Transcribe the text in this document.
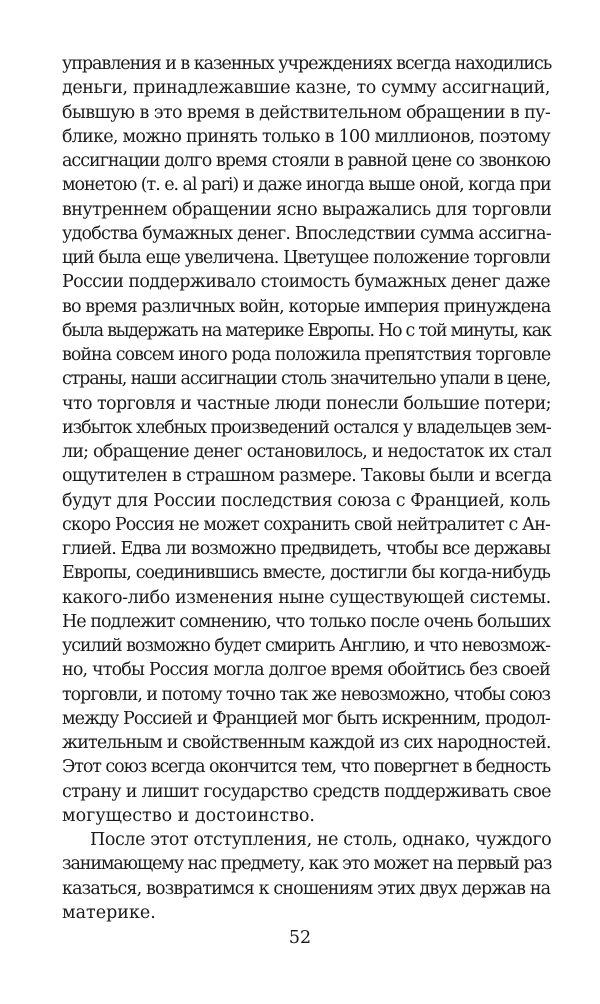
управления и в казенных учреждениях всегда находились
деньги, принадлежавшие казне, то сумму ассигнаций,
бывшую в это время в действительном обращении в пу-
блике, можно принять только в 100 миллионов, поэтому
ассигнации долго время стояли в равной цене со звонкою
монетою (т. е. al pari) и даже иногда выше оной, когда при
внутреннем обращении ясно выражались для торговли
удобства бумажных денег. Впоследствии сумма ассигна-
ций была еще увеличена. Цветущее положение торговли
России поддерживало стоимость бумажных денег даже
во время различных войн, которые империя принуждена
была выдержать на материке Европы. Но с той минуты, как
война совсем иного рода положила препятствия торговле
страны, наши ассигнации столь значительно упали в цене,
что торговля и частные люди понесли большие потери;
избыток хлебных произведений остался у владельцев зем-
ли; обращение денег остановилось, и недостаток их стал
ощутителен в страшном размере. Таковы были и всегда
будут для России последствия союза с Францией, коль
скоро Россия не может сохранить свой нейтралитет с Ан-
глией. Едва ли возможно предвидеть, чтобы все державы
Европы, соединившись вместе, достигли бы когда-нибудь
какого-либо изменения ныне существующей системы.
Не подлежит сомнению, что только после очень больших
усилий возможно будет смирить Англию, и что невозмож-
но, чтобы Россия могла долгое время обойтись без своей
торговли, и потому точно так же невозможно, чтобы союз
между Россией и Францией мог быть искренним, продол-
жительным и свойственным каждой из сих народностей.
Этот союз всегда окончится тем, что повергнет в бедность
страну и лишит государство средств поддерживать свое
могущество и достоинство.
После этот отступления, не столь, однако, чуждого
занимающему нас предмету, как это может на первый раз
казаться, возвратимся к сношениям этих двух держав на
материке.
52
